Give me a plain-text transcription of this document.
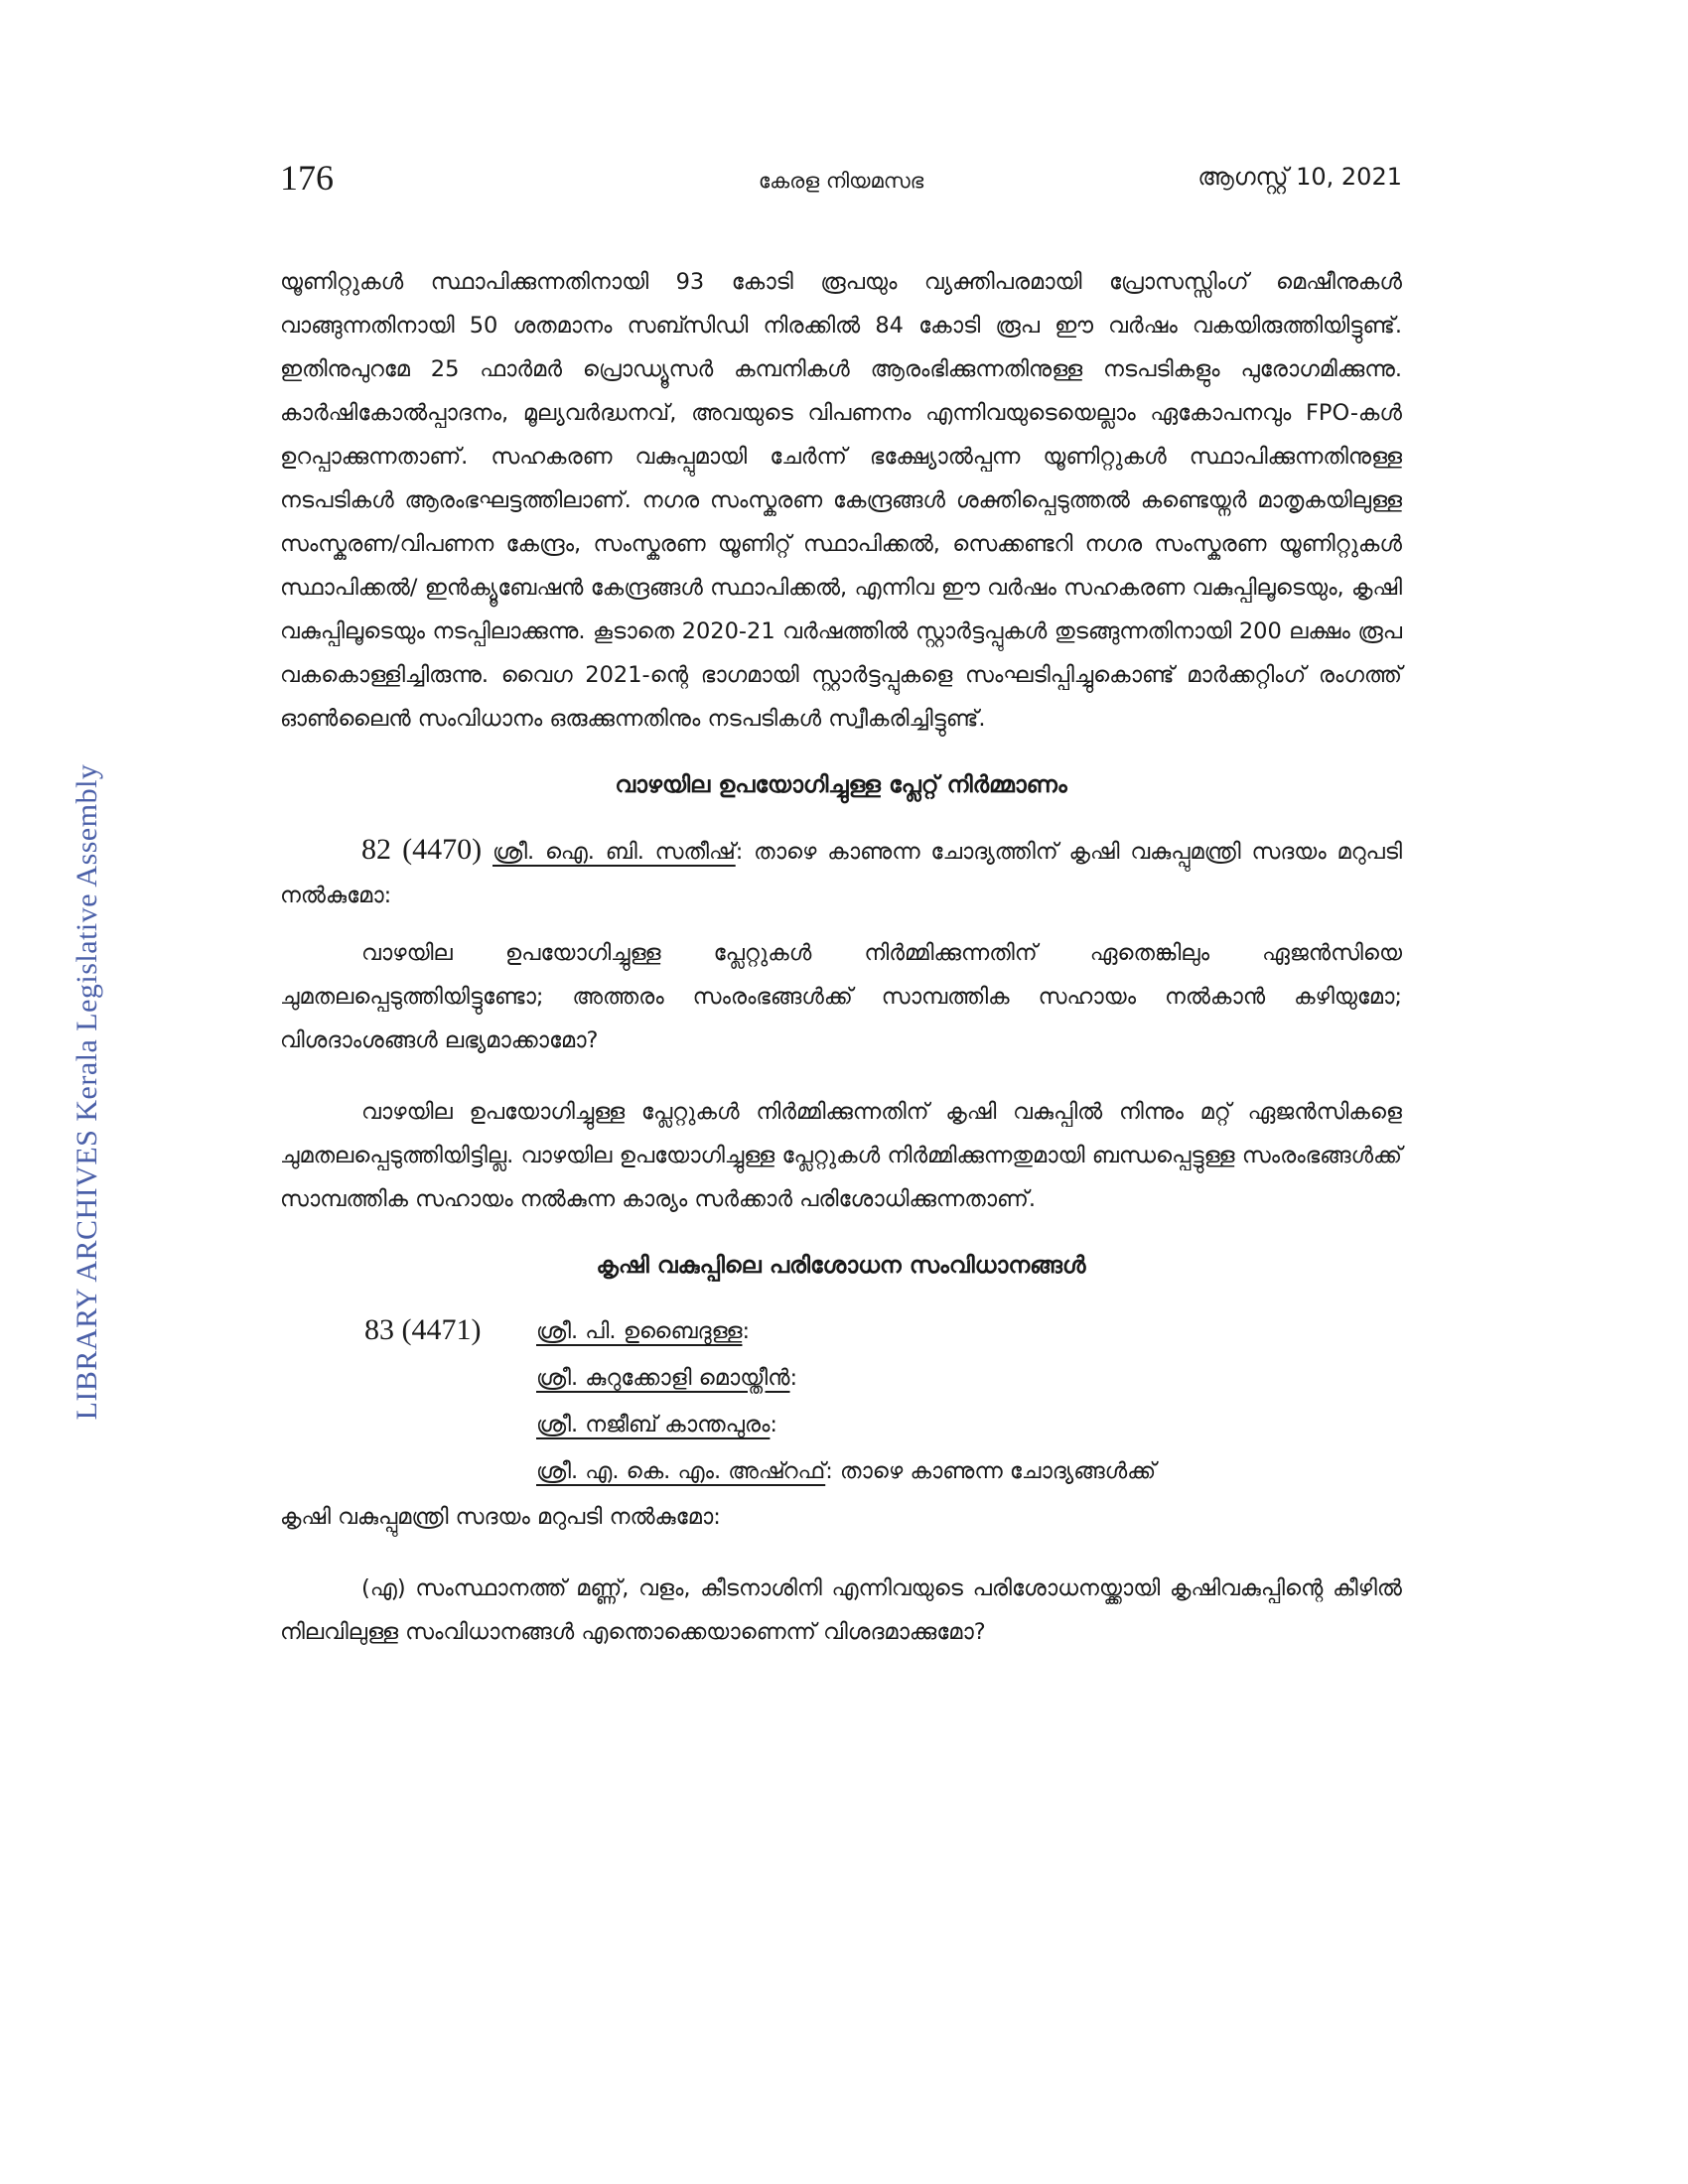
LIBRARY ARCHIVES Kerala Legislative Assembly
176	കേരള നിയമസഭ	ആഗസ്റ്റ് 10, 2021

യൂണിറ്റുകൾ സ്ഥാപിക്കുന്നതിനായി 93 കോടി രൂപയും വ്യക്തിപരമായി പ്രോസസ്സിംഗ് മെഷീനുകൾ വാങ്ങുന്നതിനായി 50 ശതമാനം സബ്സിഡി നിരക്കിൽ 84 കോടി രൂപ ഈ വർഷം വകയിരുത്തിയിട്ടുണ്ട്. ഇതിനുപുറമേ 25 ഫാർമർ പ്രൊഡ്യൂസർ കമ്പനികൾ ആരംഭിക്കുന്നതിനുള്ള നടപടികളും പുരോഗമിക്കുന്നു. കാർഷികോൽപ്പാദനം, മൂല്യവർദ്ധനവ്, അവയുടെ വിപണനം എന്നിവയുടെയെല്ലാം ഏകോപനവും FPO-കൾ ഉറപ്പാക്കുന്നതാണ്. സഹകരണ വകുപ്പുമായി ചേർന്ന് ഭക്ഷ്യോൽപ്പന്ന യൂണിറ്റുകൾ സ്ഥാപിക്കുന്നതിനുള്ള നടപടികൾ ആരംഭഘട്ടത്തിലാണ്. നഗര സംസ്കരണ കേന്ദ്രങ്ങൾ ശക്തിപ്പെടുത്തൽ കണ്ടെയ്നർ മാതൃകയിലുള്ള സംസ്കരണ/വിപണന കേന്ദ്രം, സംസ്കരണ യൂണിറ്റ് സ്ഥാപിക്കൽ, സെക്കണ്ടറി നഗര സംസ്കരണ യൂണിറ്റുകൾ സ്ഥാപിക്കൽ/ ഇൻക്യൂബേഷൻ കേന്ദ്രങ്ങൾ സ്ഥാപിക്കൽ, എന്നിവ ഈ വർഷം സഹകരണ വകുപ്പിലൂടെയും, കൃഷി വകുപ്പിലൂടെയും നടപ്പിലാക്കുന്നു. കൂടാതെ 2020-21 വർഷത്തിൽ സ്റ്റാർട്ടപ്പുകൾ തുടങ്ങുന്നതിനായി 200 ലക്ഷം രൂപ വകകൊള്ളിച്ചിരുന്നു. വൈഗ 2021-ന്റെ ഭാഗമായി സ്റ്റാർട്ടപ്പുകളെ സംഘടിപ്പിച്ചുകൊണ്ട് മാർക്കറ്റിംഗ് രംഗത്ത് ഓൺലൈൻ സംവിധാനം ഒരുക്കുന്നതിനും നടപടികൾ സ്വീകരിച്ചിട്ടുണ്ട്.

വാഴയില ഉപയോഗിച്ചുള്ള പ്ലേറ്റ് നിർമ്മാണം

82 (4470) ശ്രീ. ഐ. ബി. സതീഷ്: താഴെ കാണുന്ന ചോദ്യത്തിന് കൃഷി വകുപ്പുമന്ത്രി സദയം മറുപടി നൽകുമോ:

വാഴയില ഉപയോഗിച്ചുള്ള പ്ലേറ്റുകൾ നിർമ്മിക്കുന്നതിന് ഏതെങ്കിലും ഏജൻസിയെ ചുമതലപ്പെടുത്തിയിട്ടുണ്ടോ; അത്തരം സംരംഭങ്ങൾക്ക് സാമ്പത്തിക സഹായം നൽകാൻ കഴിയുമോ; വിശദാംശങ്ങൾ ലഭ്യമാക്കാമോ?

വാഴയില ഉപയോഗിച്ചുള്ള പ്ലേറ്റുകൾ നിർമ്മിക്കുന്നതിന് കൃഷി വകുപ്പിൽ നിന്നും മറ്റ് ഏജൻസികളെ ചുമതലപ്പെടുത്തിയിട്ടില്ല. വാഴയില ഉപയോഗിച്ചുള്ള പ്ലേറ്റുകൾ നിർമ്മിക്കുന്നതുമായി ബന്ധപ്പെട്ടുള്ള സംരംഭങ്ങൾക്ക് സാമ്പത്തിക സഹായം നൽകുന്ന കാര്യം സർക്കാർ പരിശോധിക്കുന്നതാണ്.

കൃഷി വകുപ്പിലെ പരിശോധന സംവിധാനങ്ങൾ
83 (4471) ശ്രീ. പി. ഉബൈദുള്ള:
ശ്രീ. കുറുക്കോളി മൊയ്തീൻ:
ശ്രീ. നജീബ് കാന്തപുരം:
ശ്രീ. എ. കെ. എം. അഷ്റഫ്: താഴെ കാണുന്ന ചോദ്യങ്ങൾക്ക്

കൃഷി വകുപ്പുമന്ത്രി സദയം മറുപടി നൽകുമോ:

(എ) സംസ്ഥാനത്ത് മണ്ണ്, വളം, കീടനാശിനി എന്നിവയുടെ പരിശോധനയ്ക്കായി കൃഷിവകുപ്പിന്റെ കീഴിൽ നിലവിലുള്ള സംവിധാനങ്ങൾ എന്തൊക്കെയാണെന്ന് വിശദമാക്കുമോ?
